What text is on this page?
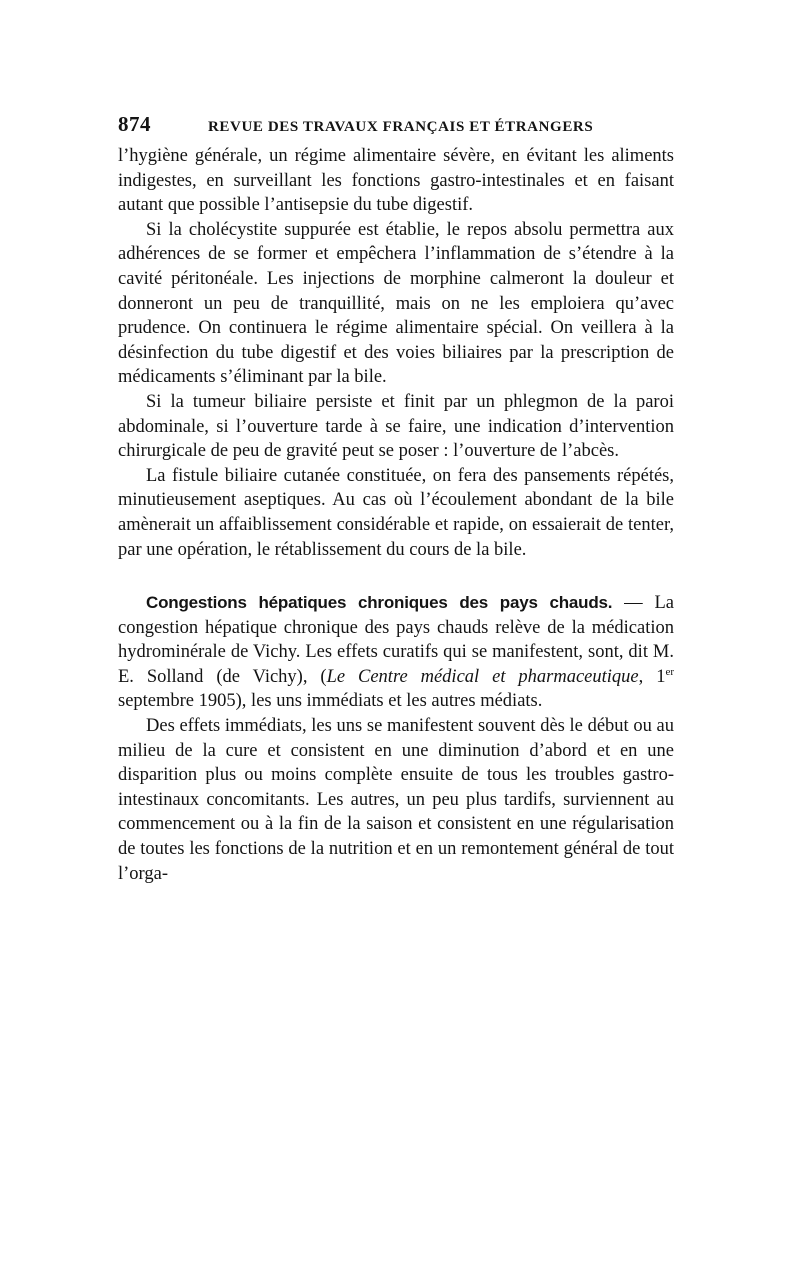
874	REVUE DES TRAVAUX FRANÇAIS ET ÉTRANGERS

l’hygiène générale, un régime alimentaire sévère, en évitant les aliments indigestes, en surveillant les fonctions gastro-intestinales et en faisant autant que possible l’antisepsie du tube digestif.

Si la cholécystite suppurée est établie, le repos absolu permettra aux adhérences de se former et empêchera l’inflammation de s’étendre à la cavité péritonéale. Les injections de morphine calmeront la douleur et donneront un peu de tranquillité, mais on ne les emploiera qu’avec prudence. On continuera le régime alimentaire spécial. On veillera à la désinfection du tube digestif et des voies biliaires par la prescription de médicaments s’éliminant par la bile.

Si la tumeur biliaire persiste et finit par un phlegmon de la paroi abdominale, si l’ouverture tarde à se faire, une indication d’intervention chirurgicale de peu de gravité peut se poser : l’ouverture de l’abcès.

La fistule biliaire cutanée constituée, on fera des pansements répétés, minutieusement aseptiques. Au cas où l’écoulement abondant de la bile amènerait un affaiblissement considérable et rapide, on essaierait de tenter, par une opération, le rétablissement du cours de la bile.

Congestions hépatiques chroniques des pays chauds. — La congestion hépatique chronique des pays chauds relève de la médication hydrominérale de Vichy. Les effets curatifs qui se manifestent, sont, dit M. E. Solland (de Vichy), (Le Centre médical et pharmaceutique, 1er septembre 1905), les uns immédiats et les autres médiats.

Des effets immédiats, les uns se manifestent souvent dès le début ou au milieu de la cure et consistent en une diminution d’abord et en une disparition plus ou moins complète ensuite de tous les troubles gastro-intestinaux concomitants. Les autres, un peu plus tardifs, surviennent au commencement ou à la fin de la saison et consistent en une régularisation de toutes les fonctions de la nutrition et en un remontement général de tout l’orga-
